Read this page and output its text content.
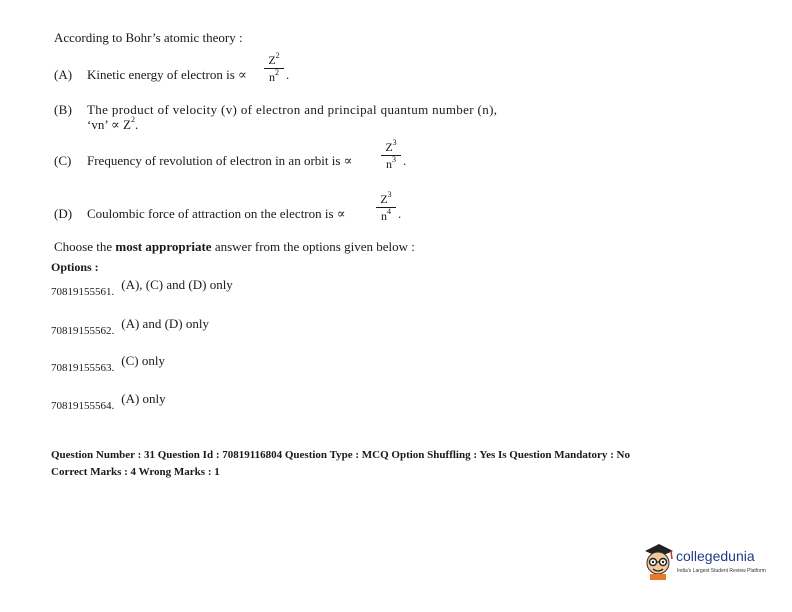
According to Bohr’s atomic theory :
(A) Kinetic energy of electron is ∝
$Z^2$
$n^2$ .
(B) The product of velocity (v) of electron and principal quantum number (n),
‘vn’ ∝ $Z^2$.
(C) Frequency of revolution of electron in an orbit is ∝
$Z^3$
$n^3$ .
(D) Coulombic force of attraction on the electron is ∝
$Z^3$
$n^4$ .
Choose the most appropriate answer from the options given below :
Options :
$_{70819155561.}$ (A), (C) and (D) only
$_{70819155562.}$ (A) and (D) only
$_{70819155563.}$ (C) only
$_{70819155564.}$ (A) only
Question Number : 31 Question Id : 70819116804 Question Type : MCQ Option Shuffling : Yes Is Question Mandatory : No
Correct Marks : 4 Wrong Marks : 1
collegedunia
India's Largest Student Review Platform
